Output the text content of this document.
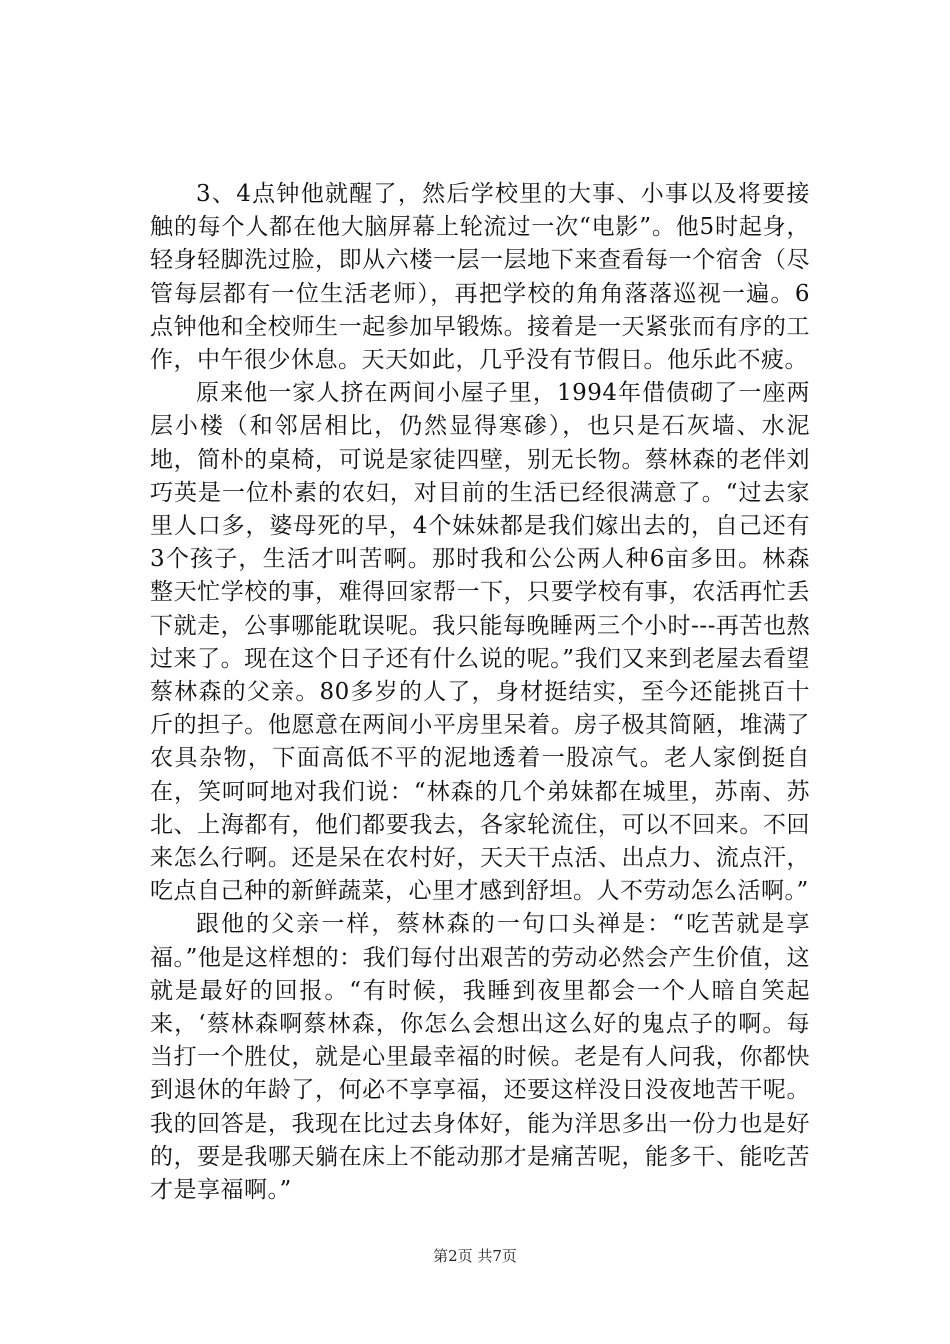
3、4点钟他就醒了，然后学校里的大事、小事以及将要接触的每个人都在他大脑屏幕上轮流过一次“电影”。他5时起身，轻身轻脚洗过脸，即从六楼一层一层地下来查看每一个宿舍（尽管每层都有一位生活老师），再把学校的角角落落巡视一遍。6点钟他和全校师生一起参加早锻炼。接着是一天紧张而有序的工作，中午很少休息。天天如此，几乎没有节假日。他乐此不疲。

原来他一家人挤在两间小屋子里，1994年借债砌了一座两层小楼（和邻居相比，仍然显得寒碜），也只是石灰墙、水泥地，简朴的桌椅，可说是家徒四壁，别无长物。蔡林森的老伴刘巧英是一位朴素的农妇，对目前的生活已经很满意了。“过去家里人口多，婆母死的早，4个妹妹都是我们嫁出去的，自己还有3个孩子，生活才叫苦啊。那时我和公公两人种6亩多田。林森整天忙学校的事，难得回家帮一下，只要学校有事，农活再忙丢下就走，公事哪能耽误呢。我只能每晚睡两三个小时---再苦也熬过来了。现在这个日子还有什么说的呢。”我们又来到老屋去看望蔡林森的父亲。80多岁的人了，身材挺结实，至今还能挑百十斤的担子。他愿意在两间小平房里呆着。房子极其简陋，堆满了农具杂物，下面高低不平的泥地透着一股凉气。老人家倒挺自在，笑呵呵地对我们说：“林森的几个弟妹都在城里，苏南、苏北、上海都有，他们都要我去，各家轮流住，可以不回来。不回来怎么行啊。还是呆在农村好，天天干点活、出点力、流点汗，吃点自己种的新鲜蔬菜，心里才感到舒坦。人不劳动怎么活啊。”

跟他的父亲一样，蔡林森的一句口头禅是：“吃苦就是享福。”他是这样想的：我们每付出艰苦的劳动必然会产生价值，这就是最好的回报。“有时候，我睡到夜里都会一个人暗自笑起来，‘蔡林森啊蔡林森，你怎么会想出这么好的鬼点子的啊。每当打一个胜仗，就是心里最幸福的时候。老是有人问我，你都快到退休的年龄了，何必不享享福，还要这样没日没夜地苦干呢。我的回答是，我现在比过去身体好，能为洋思多出一份力也是好的，要是我哪天躺在床上不能动那才是痛苦呢，能多干、能吃苦才是享福啊。”

第2页 共7页
